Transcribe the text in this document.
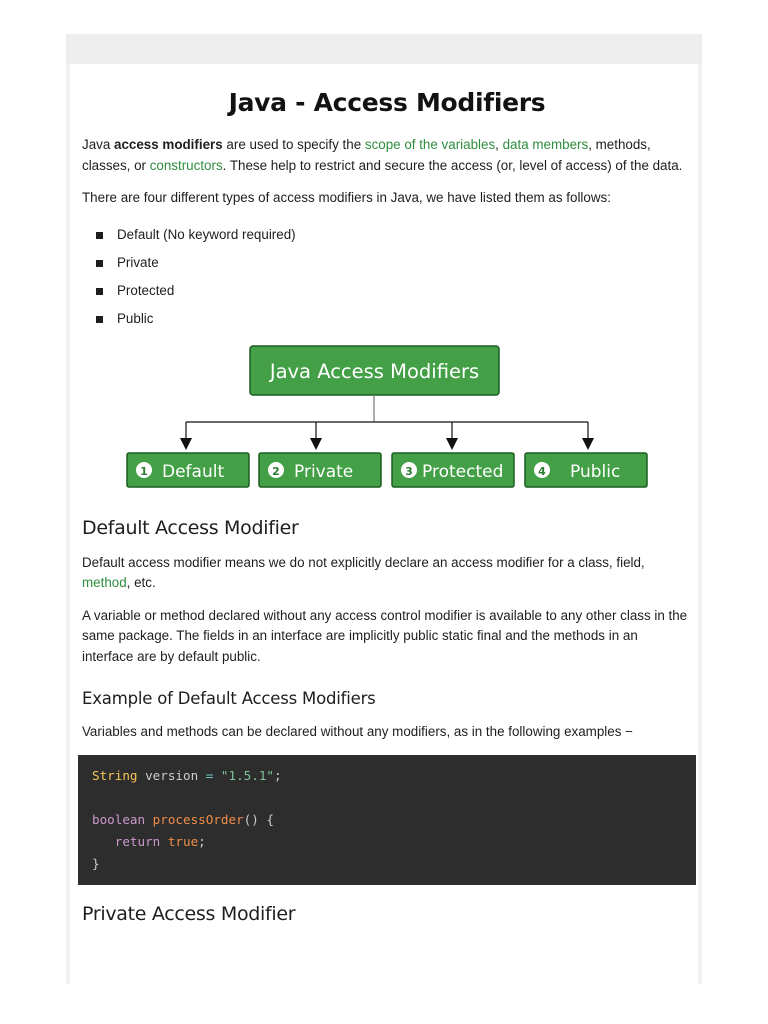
Java - Access Modifiers

Java access modifiers are used to specify the scope of the variables, data members, methods, classes, or constructors. These help to restrict and secure the access (or, level of access) of the data.

There are four different types of access modifiers in Java, we have listed them as follows:

Default (No keyword required)
Private
Protected
Public
Java Access Modifiers
1 Default	2 Private	3 Protected	4 Public
Default Access Modifier

Default access modifier means we do not explicitly declare an access modifier for a class, field, method, etc.

A variable or method declared without any access control modifier is available to any other class in the same package. The fields in an interface are implicitly public static final and the methods in an interface are by default public.

Example of Default Access Modifiers

Variables and methods can be declared without any modifiers, as in the following examples −

String version = "1.5.1";
boolean processOrder() {
return true;
}
Private Access Modifier
